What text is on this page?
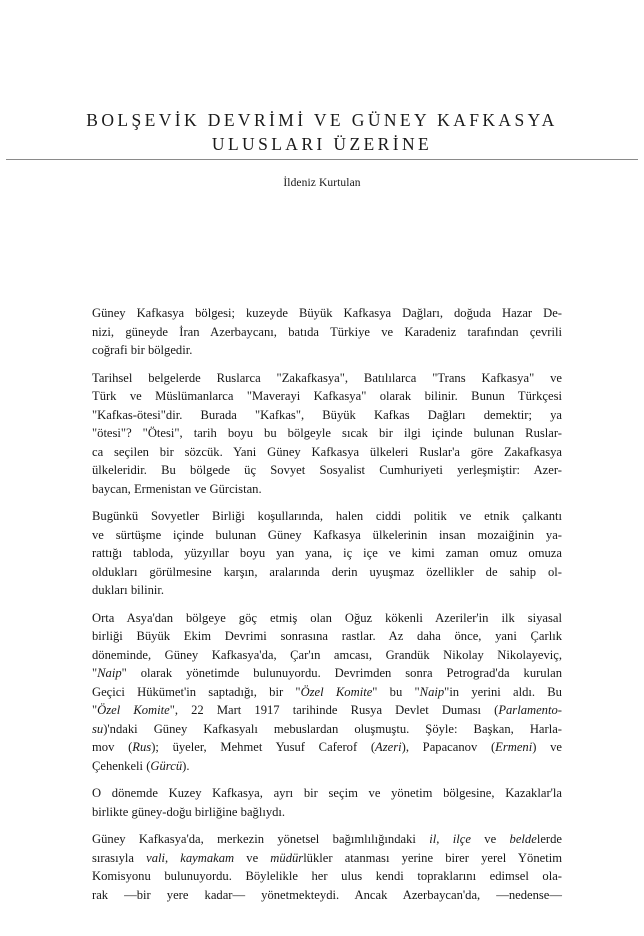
BOLŞEVİK DEVRİMİ VE GÜNEY KAFKASYA
ULUSLARI ÜZERİNE
İldeniz Kurtulan

Güney Kafkasya bölgesi; kuzeyde Büyük Kafkasya Dağları, doğuda Hazar De-
nizi, güneyde İran Azerbaycanı, batıda Türkiye ve Karadeniz tarafından çevrili
coğrafi bir bölgedir.

Tarihsel belgelerde Ruslarca "Zakafkasya", Batılılarca "Trans Kafkasya" ve
Türk ve Müslümanlarca "Maverayi Kafkasya" olarak bilinir. Bunun Türkçesi
"Kafkas-ötesi"dir. Burada "Kafkas", Büyük Kafkas Dağları demektir; ya
"ötesi"? "Ötesi", tarih boyu bu bölgeyle sıcak bir ilgi içinde bulunan Ruslar-
ca seçilen bir sözcük. Yani Güney Kafkasya ülkeleri Ruslar'a göre Zakafkasya
ülkeleridir. Bu bölgede üç Sovyet Sosyalist Cumhuriyeti yerleşmiştir: Azer-
baycan, Ermenistan ve Gürcistan.

Bugünkü Sovyetler Birliği koşullarında, halen ciddi politik ve etnik çalkantı
ve sürtüşme içinde bulunan Güney Kafkasya ülkelerinin insan mozaiğinin ya-
rattığı tabloda, yüzyıllar boyu yan yana, iç içe ve kimi zaman omuz omuza
oldukları görülmesine karşın, aralarında derin uyuşmaz özellikler de sahip ol-
dukları bilinir.

Orta Asya'dan bölgeye göç etmiş olan Oğuz kökenli Azeriler'in ilk siyasal
birliği Büyük Ekim Devrimi sonrasına rastlar. Az daha önce, yani Çarlık
döneminde, Güney Kafkasya'da, Çar'ın amcası, Grandük Nikolay Nikolayeviç,
"Naip" olarak yönetimde bulunuyordu. Devrimden sonra Petrograd'da kurulan
Geçici Hükümet'in saptadığı, bir "Özel Komite" bu "Naip"in yerini aldı. Bu
"Özel Komite", 22 Mart 1917 tarihinde Rusya Devlet Duması (Parlamento-
su)'ndaki Güney Kafkasyalı mebuslardan oluşmuştu. Şöyle: Başkan, Harla-
mov (Rus); üyeler, Mehmet Yusuf Caferof (Azeri), Papacanov (Ermeni) ve
Çehenkeli (Gürcü).

O dönemde Kuzey Kafkasya, ayrı bir seçim ve yönetim bölgesine, Kazaklar'la
birlikte güney-doğu birliğine bağlıydı.

Güney Kafkasya'da, merkezin yönetsel bağımlılığındaki il, ilçe ve beldelerde
sırasıyla vali, kaymakam ve müdürlükler atanması yerine birer yerel Yönetim
Komisyonu bulunuyordu. Böylelikle her ulus kendi topraklarını edimsel ola-
rak —bir yere kadar— yönetmekteydi. Ancak Azerbaycan'da, —nedense—
